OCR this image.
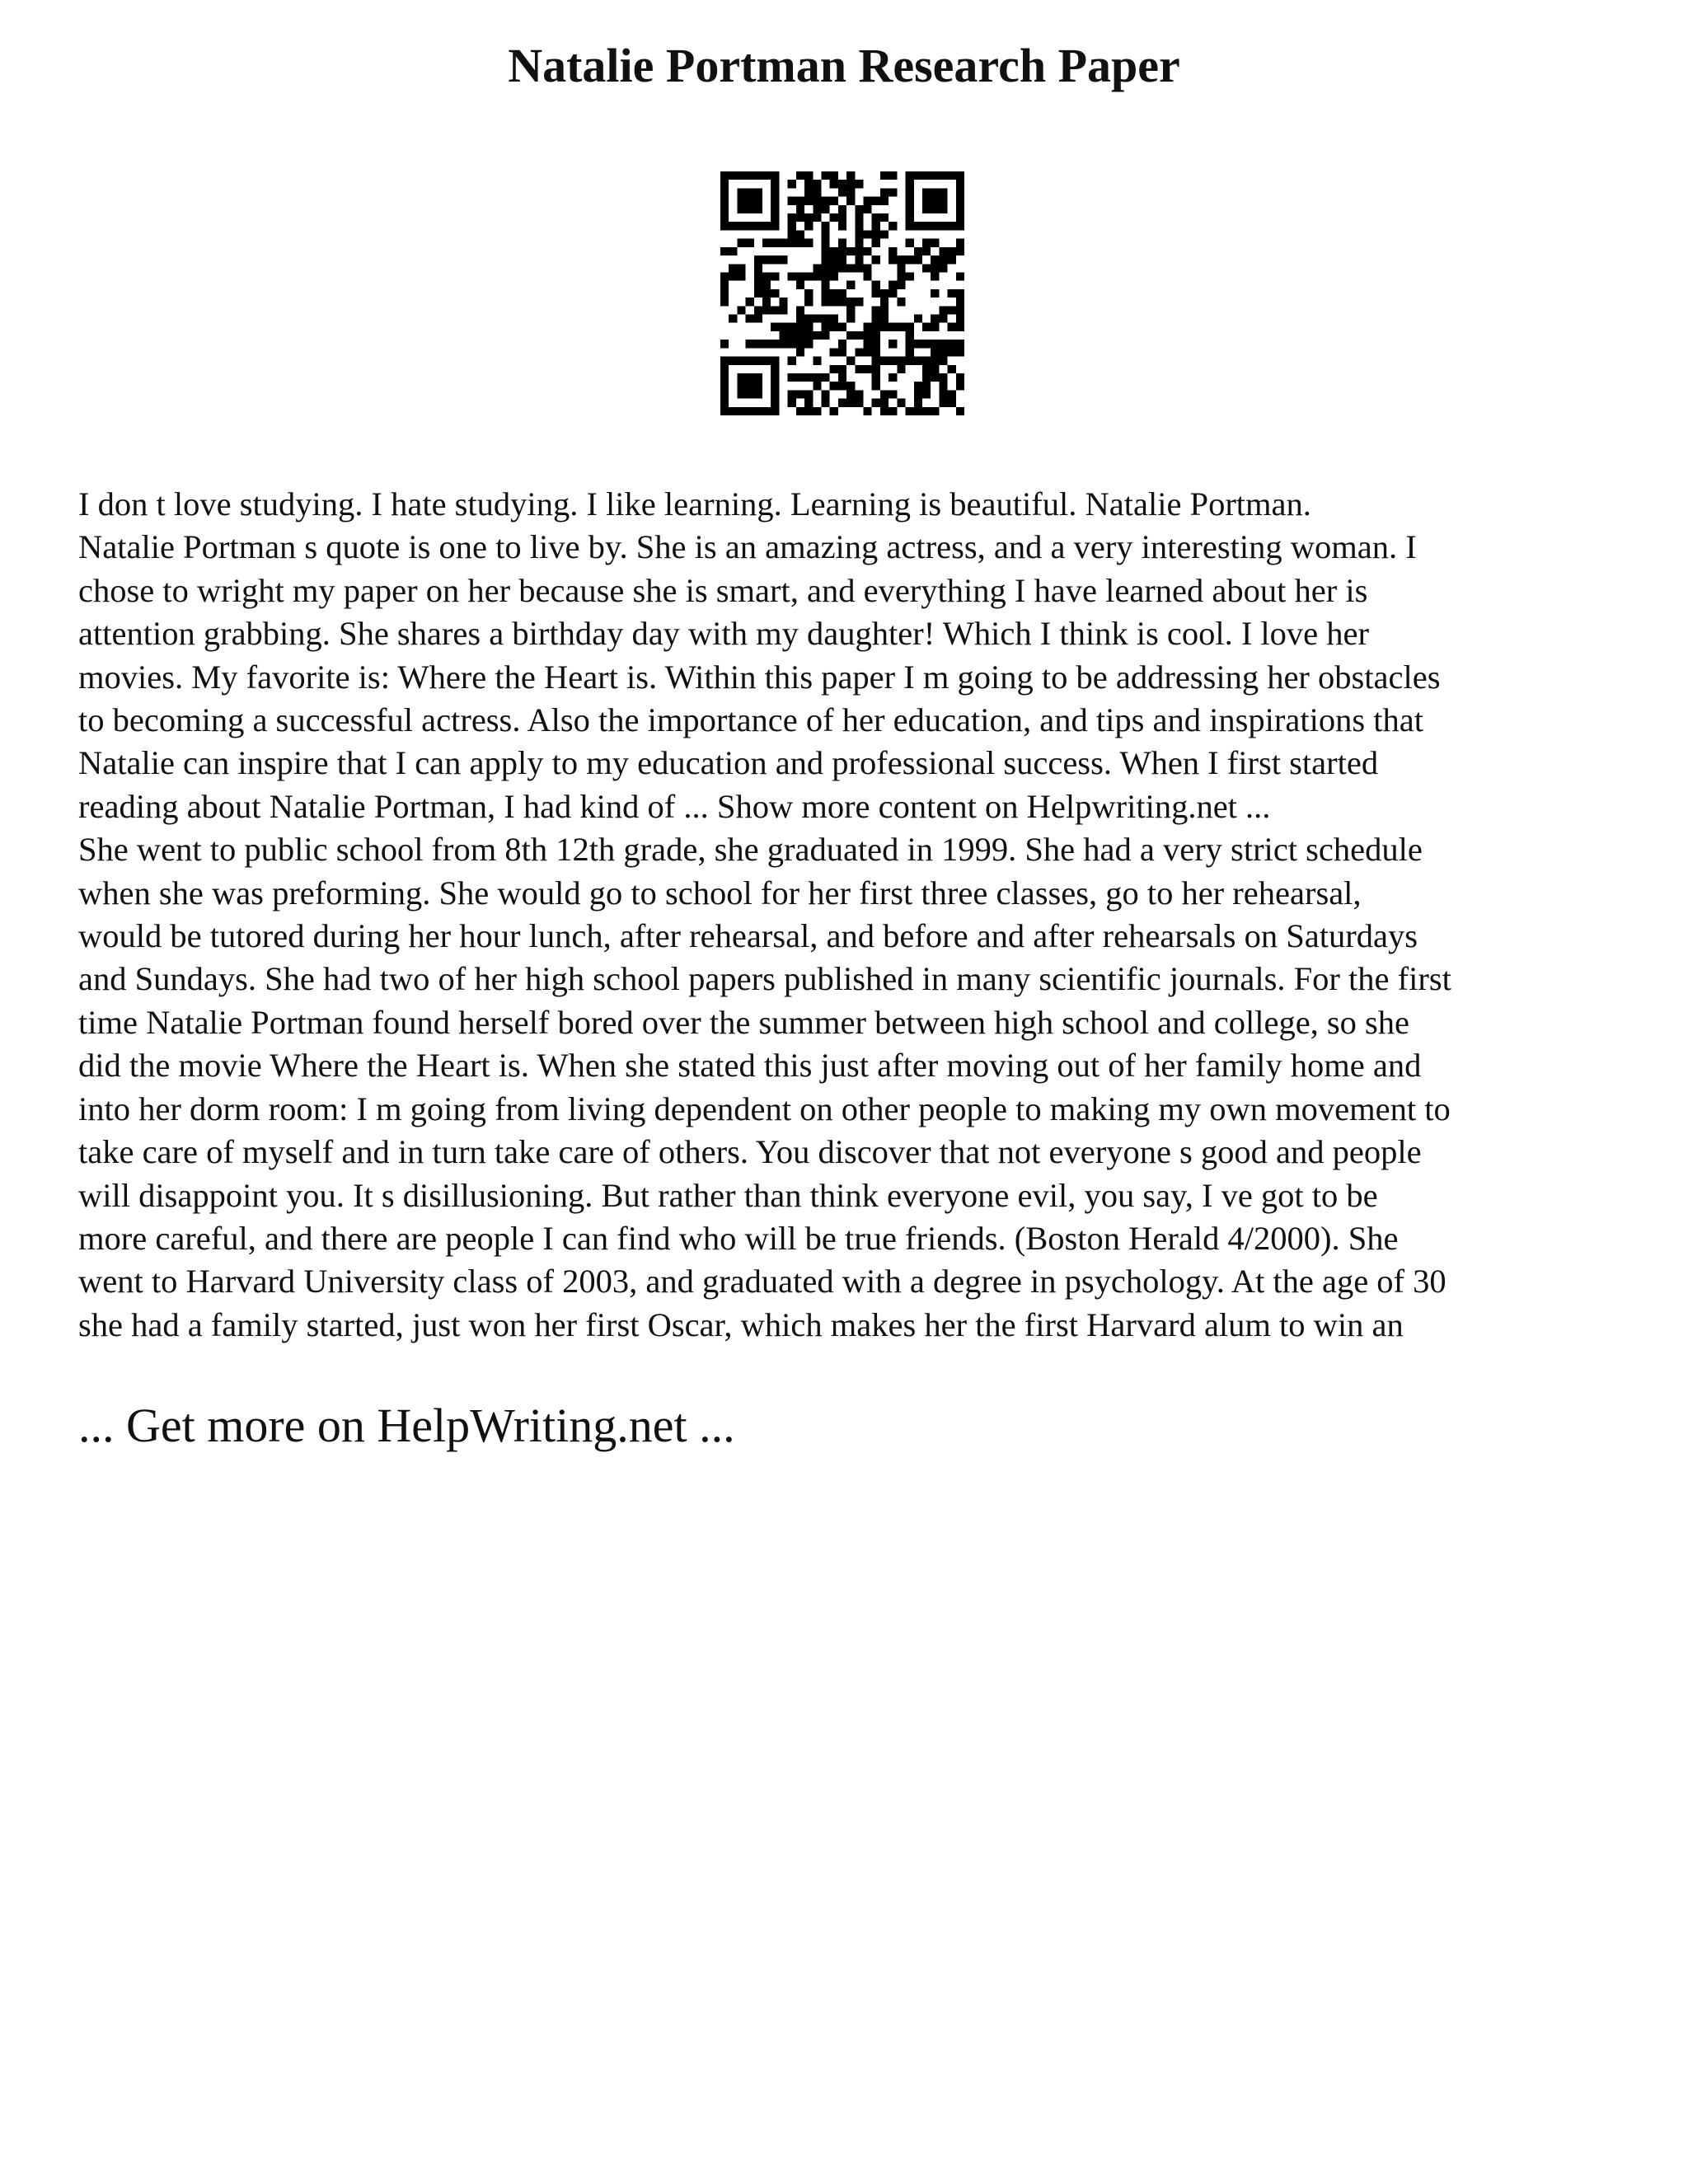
Natalie Portman Research Paper
I don t love studying. I hate studying. I like learning. Learning is beautiful. Natalie Portman.
Natalie Portman s quote is one to live by. She is an amazing actress, and a very interesting woman. I
chose to wright my paper on her because she is smart, and everything I have learned about her is
attention grabbing. She shares a birthday day with my daughter! Which I think is cool. I love her
movies. My favorite is: Where the Heart is. Within this paper I m going to be addressing her obstacles
to becoming a successful actress. Also the importance of her education, and tips and inspirations that
Natalie can inspire that I can apply to my education and professional success. When I first started
reading about Natalie Portman, I had kind of ... Show more content on Helpwriting.net ...
She went to public school from 8th 12th grade, she graduated in 1999. She had a very strict schedule
when she was preforming. She would go to school for her first three classes, go to her rehearsal,
would be tutored during her hour lunch, after rehearsal, and before and after rehearsals on Saturdays
and Sundays. She had two of her high school papers published in many scientific journals. For the first
time Natalie Portman found herself bored over the summer between high school and college, so she
did the movie Where the Heart is. When she stated this just after moving out of her family home and
into her dorm room: I m going from living dependent on other people to making my own movement to
take care of myself and in turn take care of others. You discover that not everyone s good and people
will disappoint you. It s disillusioning. But rather than think everyone evil, you say, I ve got to be
more careful, and there are people I can find who will be true friends. (Boston Herald 4/2000). She
went to Harvard University class of 2003, and graduated with a degree in psychology. At the age of 30
she had a family started, just won her first Oscar, which makes her the first Harvard alum to win an

... Get more on HelpWriting.net ...
